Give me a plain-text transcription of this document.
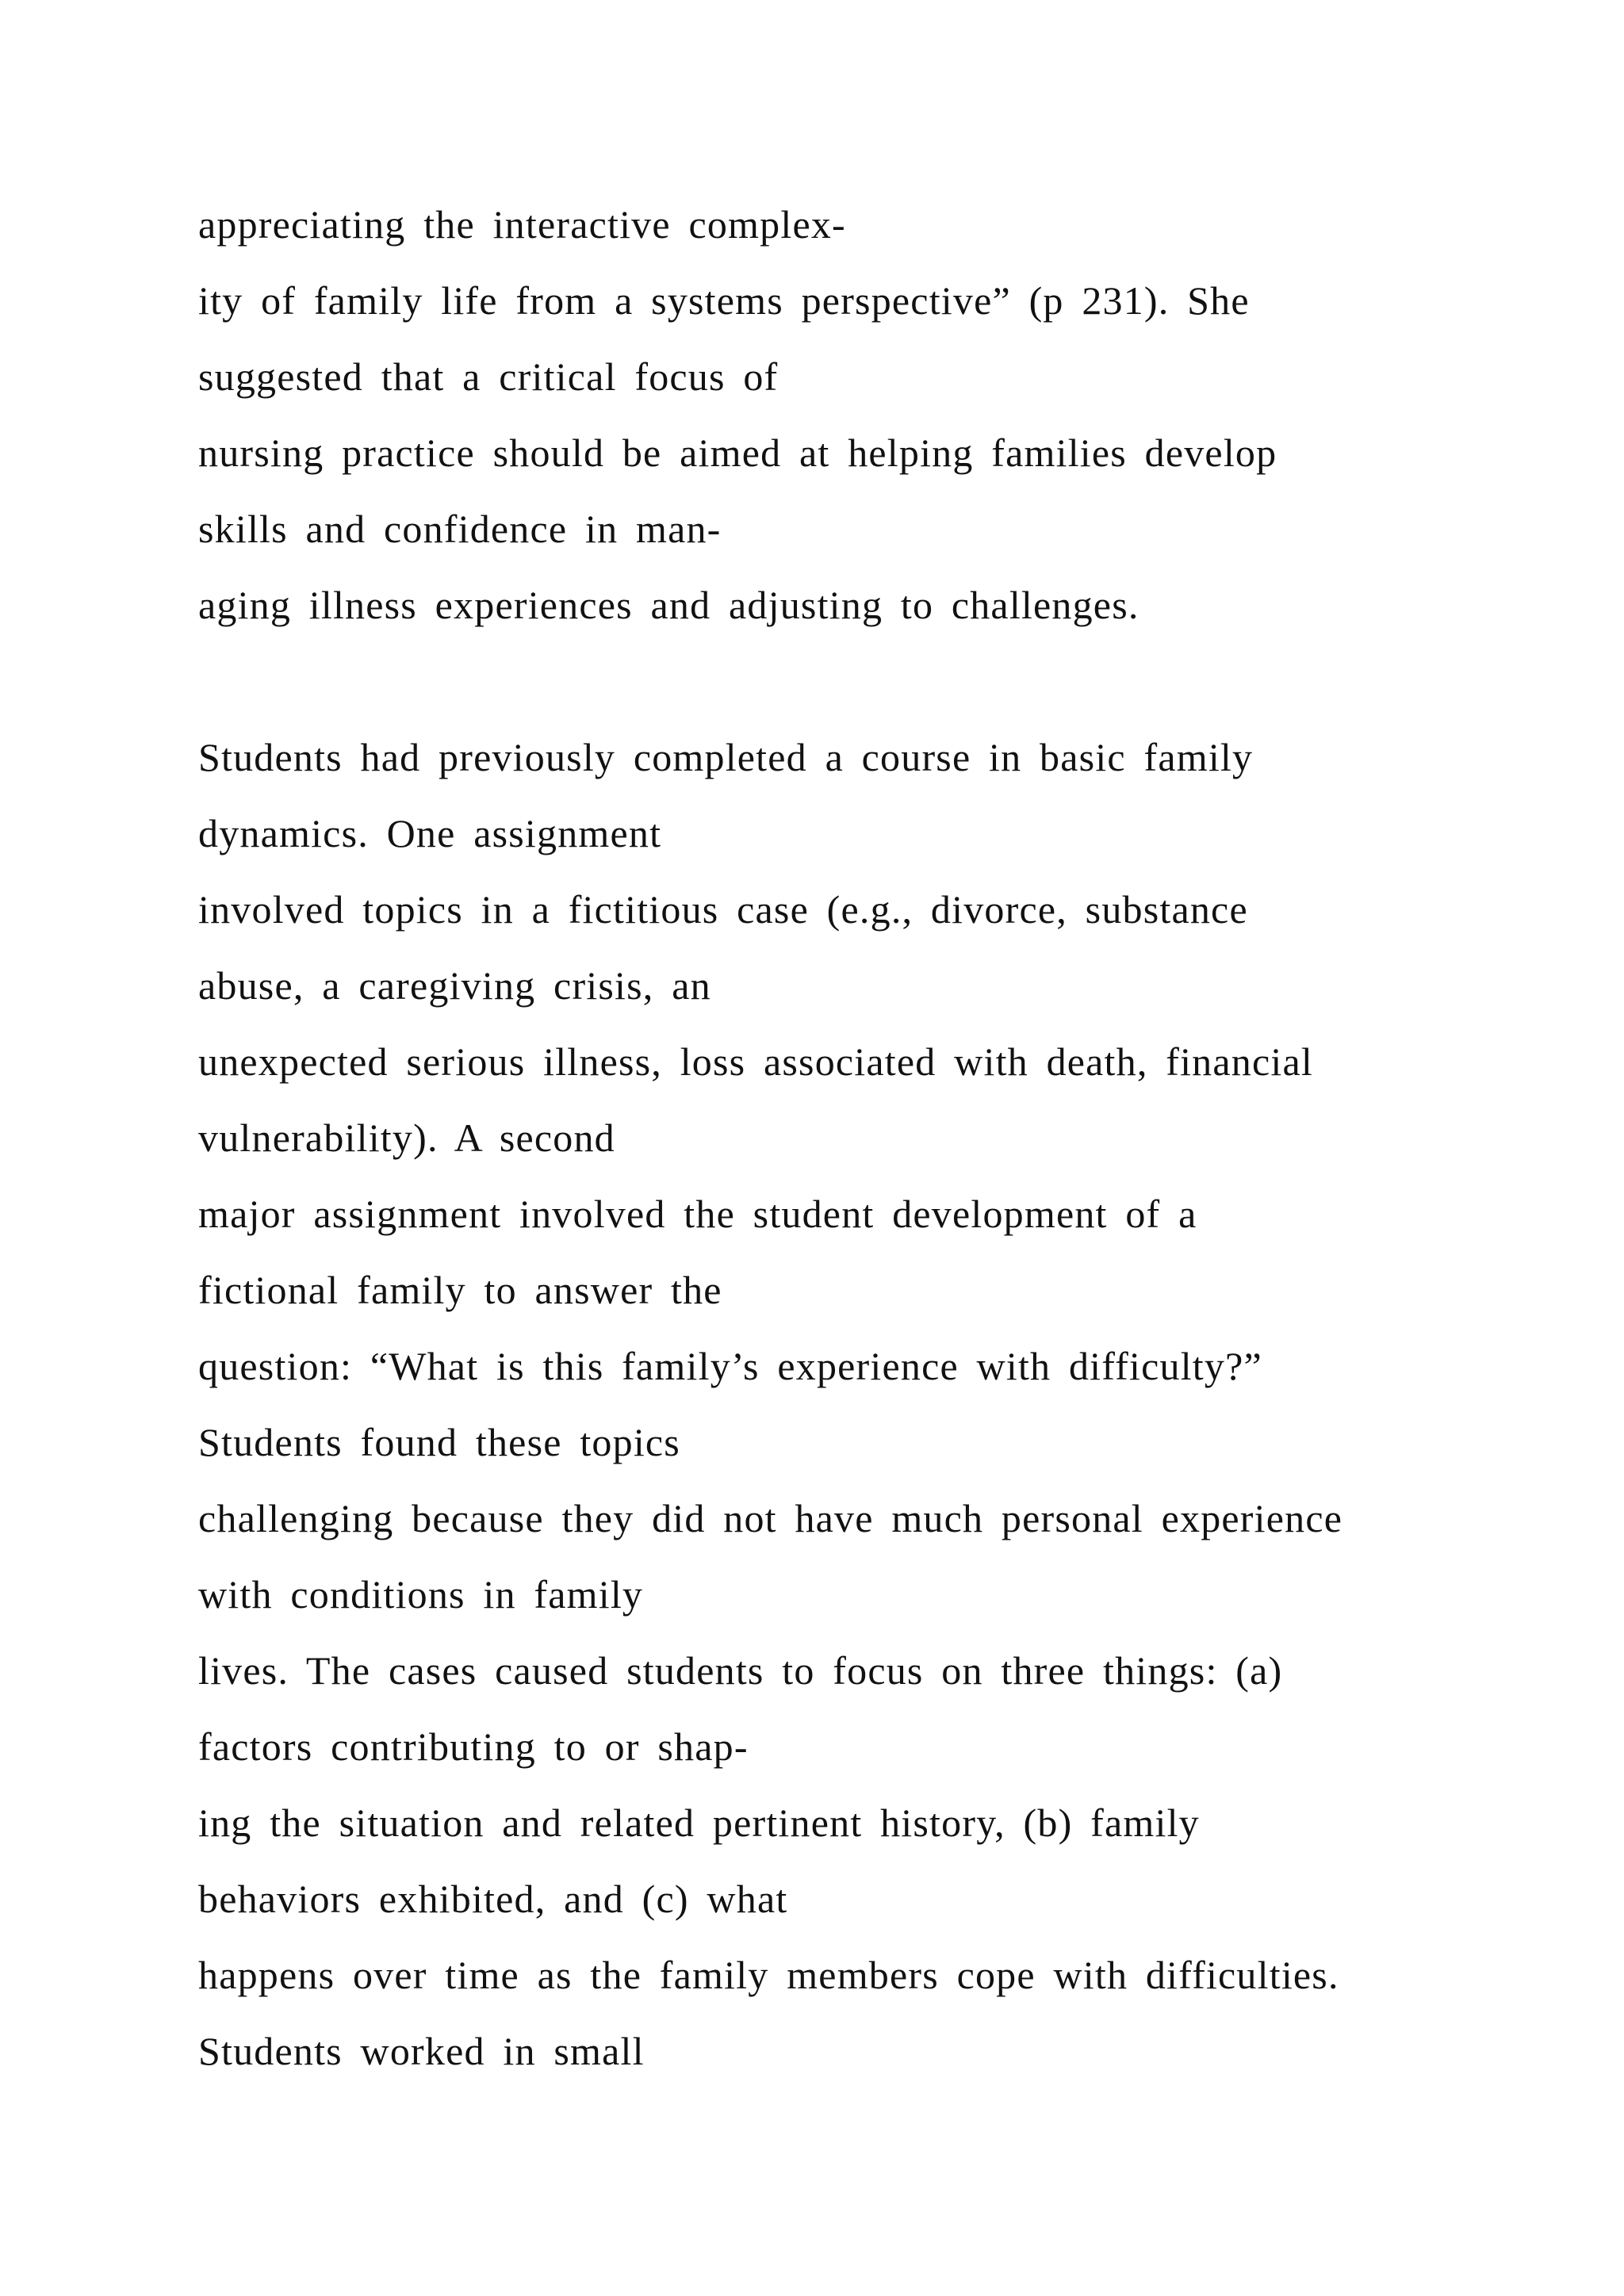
appreciating the interactive complex-

ity of family life from a systems perspective” (p 231). She

suggested that a critical focus of

nursing practice should be aimed at helping families develop

skills and confidence in man-

aging illness experiences and adjusting to challenges.

Students had previously completed a course in basic family

dynamics. One assignment

involved topics in a fictitious case (e.g., divorce, substance

abuse, a caregiving crisis, an

unexpected serious illness, loss associated with death, financial

vulnerability). A second

major assignment involved the student development of a

fictional family to answer the

question: “What is this family’s experience with difficulty?”

Students found these topics

challenging because they did not have much personal experience

with conditions in family

lives. The cases caused students to focus on three things: (a)

factors contributing to or shap-

ing the situation and related pertinent history, (b) family

behaviors exhibited, and (c) what

happens over time as the family members cope with difficulties.

Students worked in small
